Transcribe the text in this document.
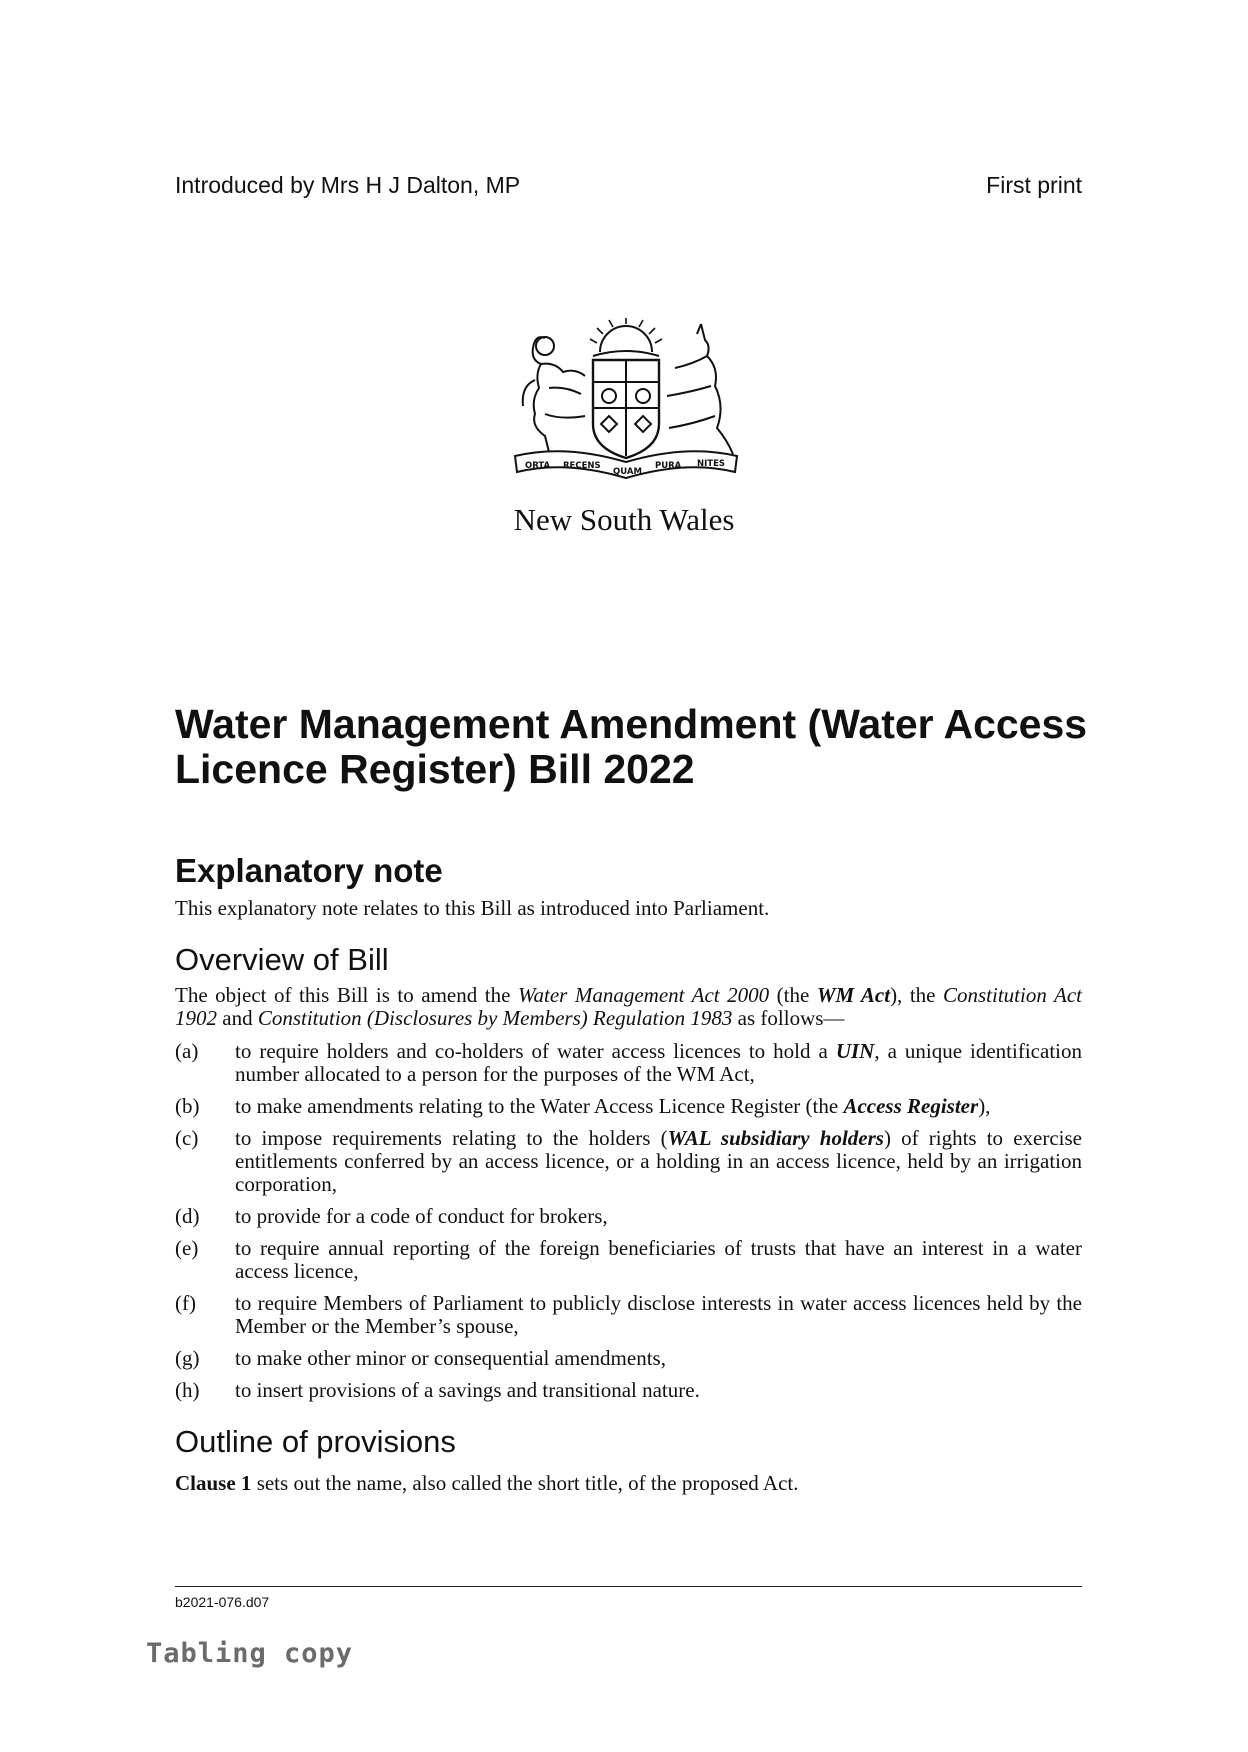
Introduced by Mrs H J Dalton, MP	First print
ORTA RECENS
QUAM
PURA NITES
New South Wales
Water Management Amendment (Water Access Licence Register) Bill 2022
Explanatory note
This explanatory note relates to this Bill as introduced into Parliament.
Overview of Bill

The object of this Bill is to amend the Water Management Act 2000 (the WM Act), the Constitution Act 1902 and Constitution (Disclosures by Members) Regulation 1983 as follows—

(a) to require holders and co-holders of water access licences to hold a UIN, a unique identification number allocated to a person for the purposes of the WM Act,
(b) to make amendments relating to the Water Access Licence Register (the Access Register),
(c) to impose requirements relating to the holders (WAL subsidiary holders) of rights to exercise entitlements conferred by an access licence, or a holding in an access licence, held by an irrigation corporation,
(d) to provide for a code of conduct for brokers,
(e) to require annual reporting of the foreign beneficiaries of trusts that have an interest in a water access licence,
(f) to require Members of Parliament to publicly disclose interests in water access licences held by the Member or the Member’s spouse,
(g) to make other minor or consequential amendments,
(h) to insert provisions of a savings and transitional nature.
Outline of provisions

Clause 1 sets out the name, also called the short title, of the proposed Act.

b2021-076.d07
Tabling copy
